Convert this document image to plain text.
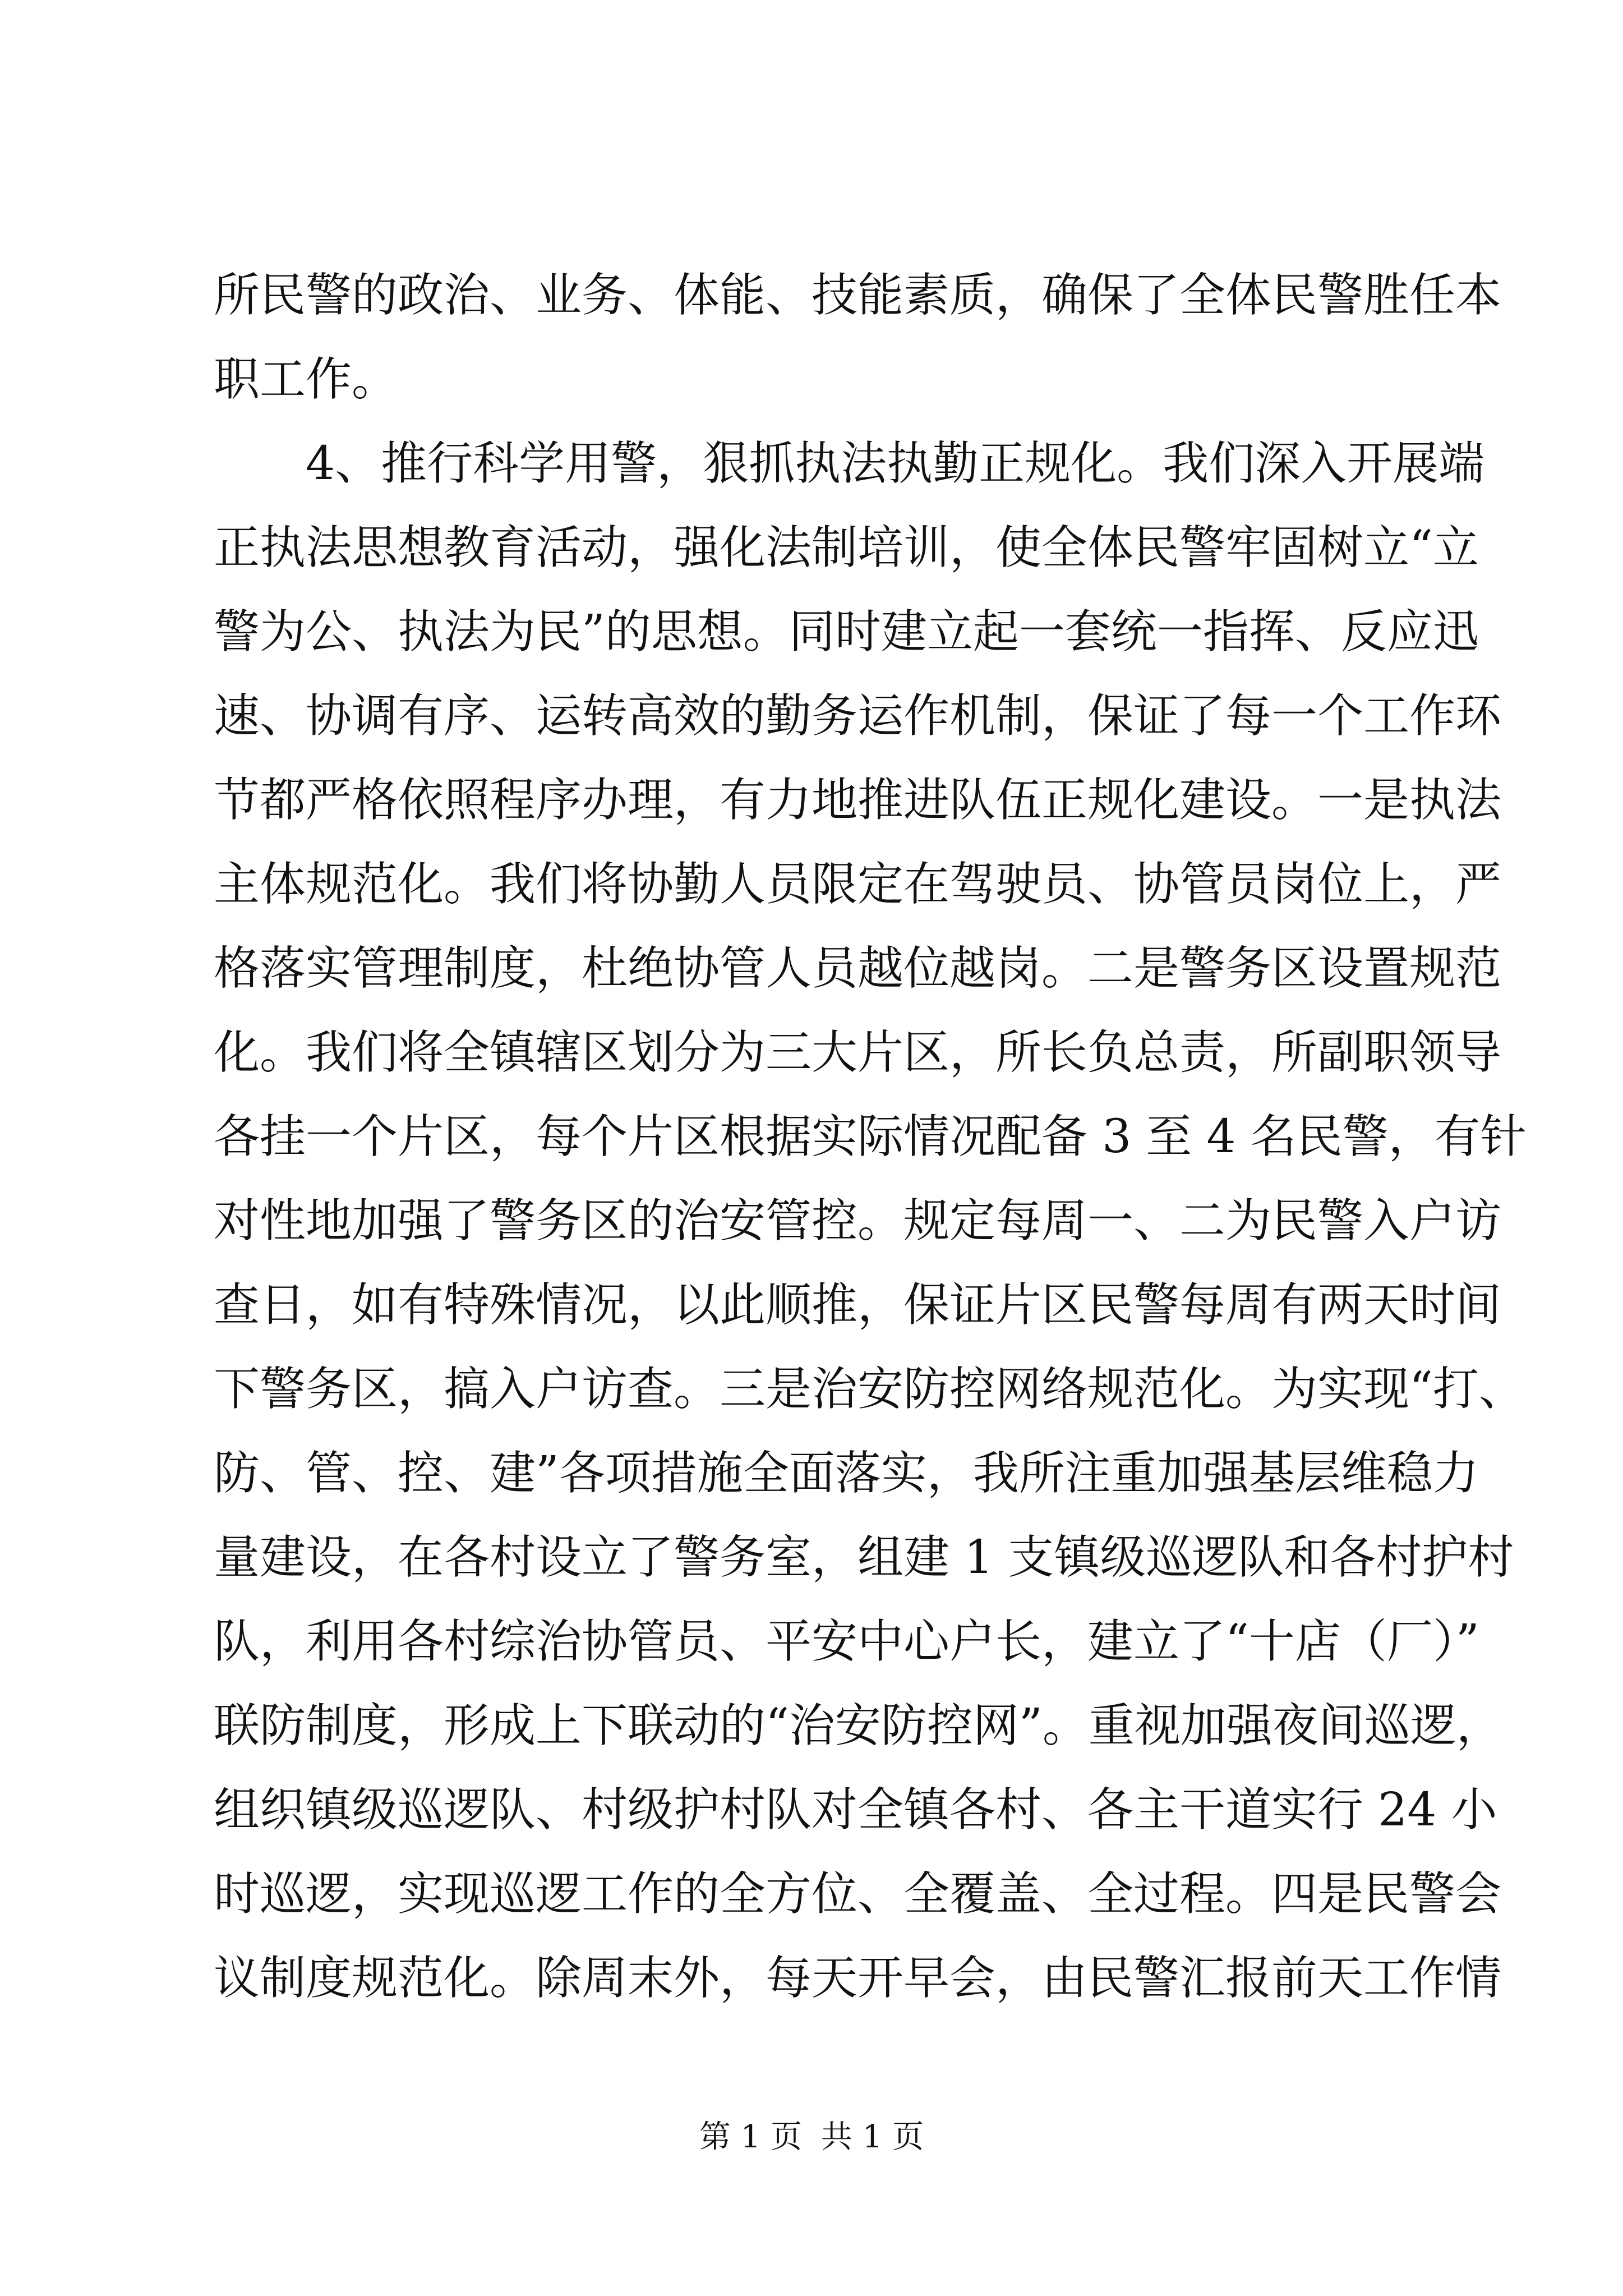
所民警的政治、业务、体能、技能素质，确保了全体民警胜任本
职工作。
4、推行科学用警，狠抓执法执勤正规化。我们深入开展端
正执法思想教育活动，强化法制培训，使全体民警牢固树立“立
警为公、执法为民”的思想。同时建立起一套统一指挥、反应迅
速、协调有序、运转高效的勤务运作机制，保证了每一个工作环
节都严格依照程序办理，有力地推进队伍正规化建设。一是执法
主体规范化。我们将协勤人员限定在驾驶员、协管员岗位上，严
格落实管理制度，杜绝协管人员越位越岗。二是警务区设置规范
化。我们将全镇辖区划分为三大片区，所长负总责，所副职领导
各挂一个片区，每个片区根据实际情况配备 3 至 4 名民警，有针
对性地加强了警务区的治安管控。规定每周一、二为民警入户访
查日，如有特殊情况，以此顺推，保证片区民警每周有两天时间
下警务区，搞入户访查。三是治安防控网络规范化。为实现“打、
防、管、控、建”各项措施全面落实，我所注重加强基层维稳力
量建设，在各村设立了警务室，组建 1 支镇级巡逻队和各村护村
队，利用各村综治协管员、平安中心户长，建立了“十店（厂）”
联防制度，形成上下联动的“治安防控网”。重视加强夜间巡逻，
组织镇级巡逻队、村级护村队对全镇各村、各主干道实行 24 小
时巡逻，实现巡逻工作的全方位、全覆盖、全过程。四是民警会
议制度规范化。除周末外，每天开早会，由民警汇报前天工作情
第 1 页 共 1 页
